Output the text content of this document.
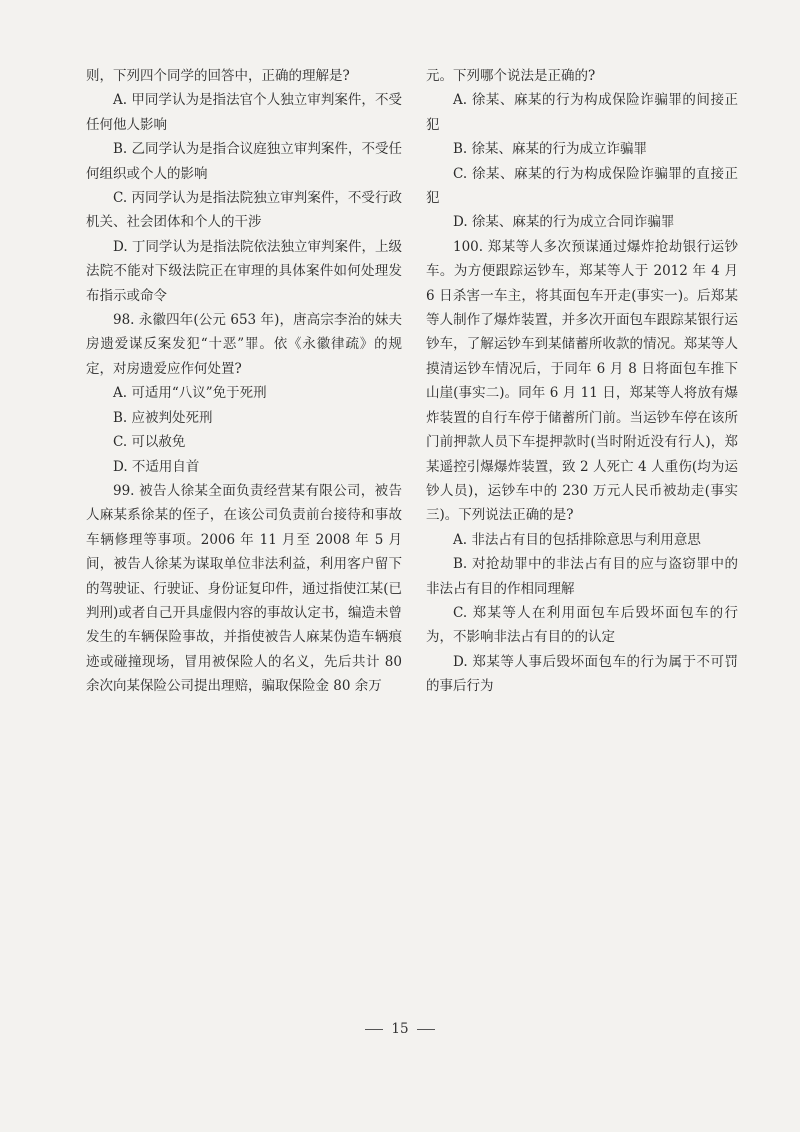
则，下列四个同学的回答中，正确的理解是?

A. 甲同学认为是指法官个人独立审判案件，不受任何他人影响

B. 乙同学认为是指合议庭独立审判案件，不受任何组织或个人的影响

C. 丙同学认为是指法院独立审判案件，不受行政机关、社会团体和个人的干涉

D. 丁同学认为是指法院依法独立审判案件，上级法院不能对下级法院正在审理的具体案件如何处理发布指示或命令

98. 永徽四年(公元 653 年)，唐高宗李治的妹夫房遗爱谋反案发犯“十恶”罪。依《永徽律疏》的规定，对房遗爱应作何处置?

A. 可适用“八议”免于死刑

B. 应被判处死刑

C. 可以赦免

D. 不适用自首

99. 被告人徐某全面负责经营某有限公司，被告人麻某系徐某的侄子，在该公司负责前台接待和事故车辆修理等事项。2006 年 11 月至 2008 年 5 月间，被告人徐某为谋取单位非法利益，利用客户留下的驾驶证、行驶证、身份证复印件，通过指使江某(已判刑)或者自己开具虚假内容的事故认定书，编造未曾发生的车辆保险事故，并指使被告人麻某伪造车辆痕迹或碰撞现场，冒用被保险人的名义，先后共计 80 余次向某保险公司提出理赔，骗取保险金 80 余万

元。下列哪个说法是正确的?

A. 徐某、麻某的行为构成保险诈骗罪的间接正犯

B. 徐某、麻某的行为成立诈骗罪

C. 徐某、麻某的行为构成保险诈骗罪的直接正犯

D. 徐某、麻某的行为成立合同诈骗罪

100. 郑某等人多次预谋通过爆炸抢劫银行运钞车。为方便跟踪运钞车，郑某等人于 2012 年 4 月 6 日杀害一车主，将其面包车开走(事实一)。后郑某等人制作了爆炸装置，并多次开面包车跟踪某银行运钞车，了解运钞车到某储蓄所收款的情况。郑某等人摸清运钞车情况后，于同年 6 月 8 日将面包车推下山崖(事实二)。同年 6 月 11 日，郑某等人将放有爆炸装置的自行车停于储蓄所门前。当运钞车停在该所门前押款人员下车提押款时(当时附近没有行人)，郑某遥控引爆爆炸装置，致 2 人死亡 4 人重伤(均为运钞人员)，运钞车中的 230 万元人民币被劫走(事实三)。下列说法正确的是?

A. 非法占有目的包括排除意思与利用意思

B. 对抢劫罪中的非法占有目的应与盗窃罪中的非法占有目的作相同理解

C. 郑某等人在利用面包车后毁坏面包车的行为，不影响非法占有目的的认定

D. 郑某等人事后毁坏面包车的行为属于不可罚的事后行为

15
